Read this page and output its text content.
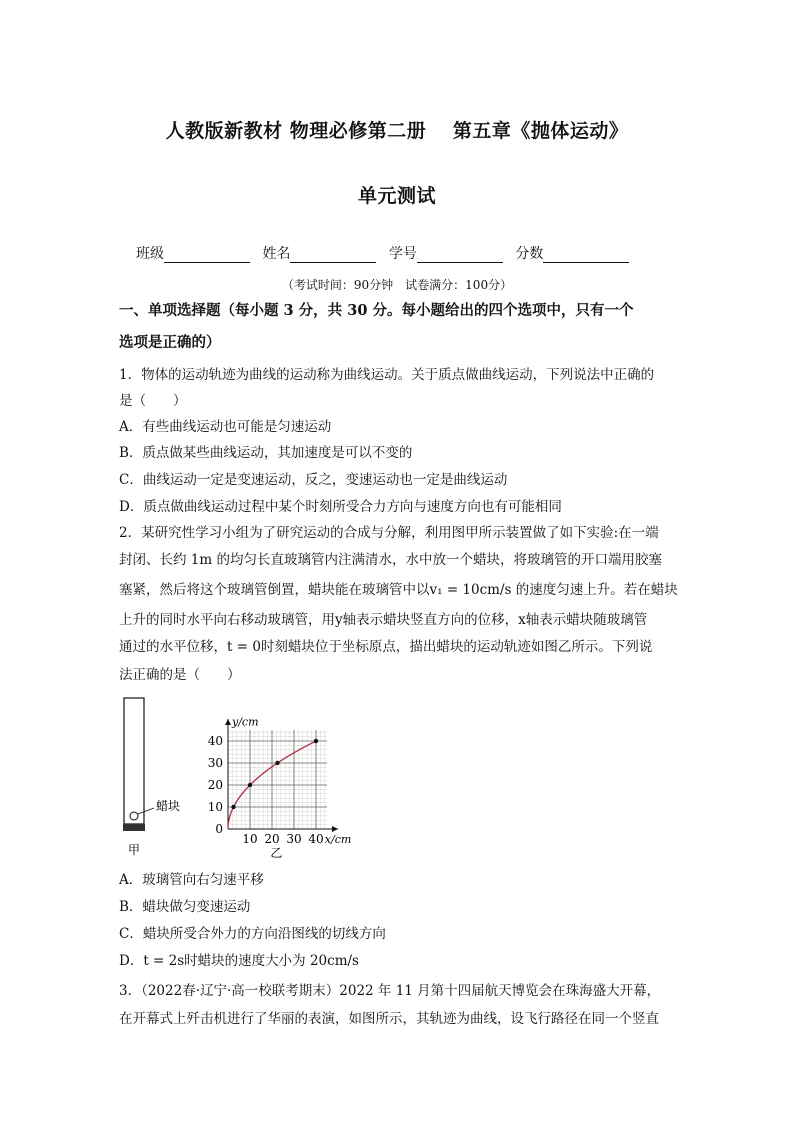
人教版新教材 物理必修第二册　 第五章《抛体运动》
单元测试
班级	姓名	学号	分数
（考试时间：90分钟　试卷满分：100分）
一、单项选择题（每小题 3 分，共 30 分。每小题给出的四个选项中，只有一个
选项是正确的）
1．物体的运动轨迹为曲线的运动称为曲线运动。关于质点做曲线运动，下列说法中正确的
是（　　）
A．有些曲线运动也可能是匀速运动
B．质点做某些曲线运动，其加速度是可以不变的
C．曲线运动一定是变速运动，反之，变速运动也一定是曲线运动
D．质点做曲线运动过程中某个时刻所受合力方向与速度方向也有可能相同
2．某研究性学习小组为了研究运动的合成与分解，利用图甲所示装置做了如下实验:在一端
封闭、长约 1m 的均匀长直玻璃管内注满清水，水中放一个蜡块，将玻璃管的开口端用胶塞
塞紧，然后将这个玻璃管倒置，蜡块能在玻璃管中以v₁ = 10cm/s 的速度匀速上升。若在蜡块
上升的同时水平向右移动玻璃管，用y轴表示蜡块竖直方向的位移，x轴表示蜡块随玻璃管
通过的水平位移，t = 0时刻蜡块位于坐标原点，描出蜡块的运动轨迹如图乙所示。下列说
法正确的是（　　）
蜡块
甲
10 20 30 40
10
20
30
40
0
y/cm
x/cm
乙
A．玻璃管向右匀速平移
B．蜡块做匀变速运动
C．蜡块所受合外力的方向沿图线的切线方向
D．t = 2s时蜡块的速度大小为 20cm/s
3．（2022春·辽宁·高一校联考期末）2022 年 11 月第十四届航天博览会在珠海盛大开幕，
在开幕式上歼击机进行了华丽的表演，如图所示，其轨迹为曲线，设飞行路径在同一个竖直
